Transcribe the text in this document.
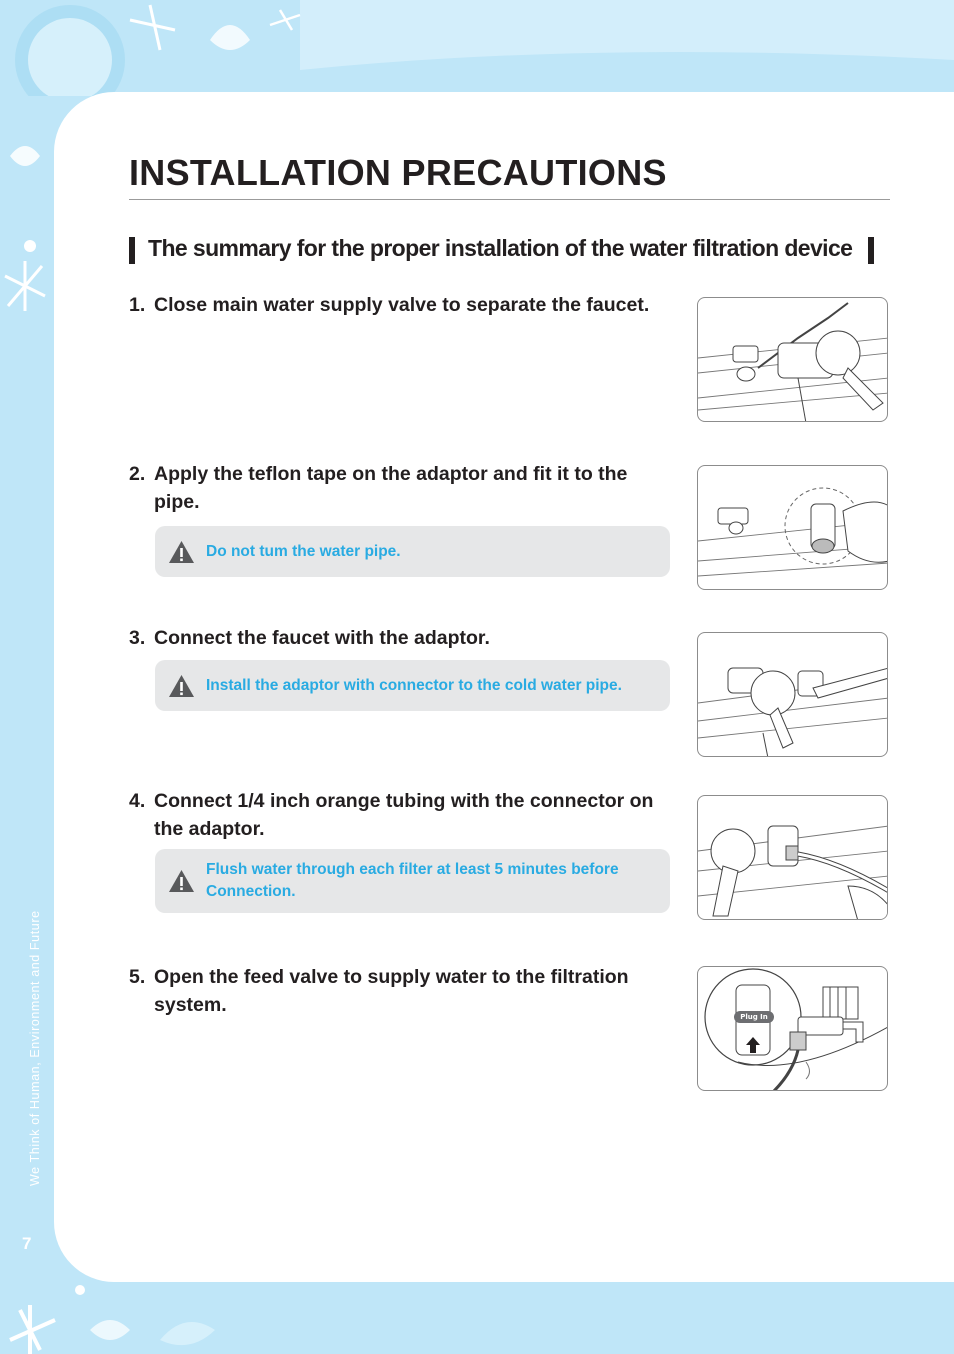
We Think of Human, Environment and Future
7
INSTALLATION PRECAUTIONS
The summary for the proper installation of the water filtration device
1. Close main water supply valve to separate the faucet.
2. Apply the teflon tape on the adaptor and fit it to the pipe.
Do not tum the water pipe.
3. Connect the faucet with the adaptor.
Install the adaptor with connector to the cold water pipe.
4. Connect 1/4 inch orange tubing with the connector on the adaptor.
Flush water through each filter at least 5 minutes before Connection.
5. Open the feed valve to supply water to the filtration system.
Plug In
